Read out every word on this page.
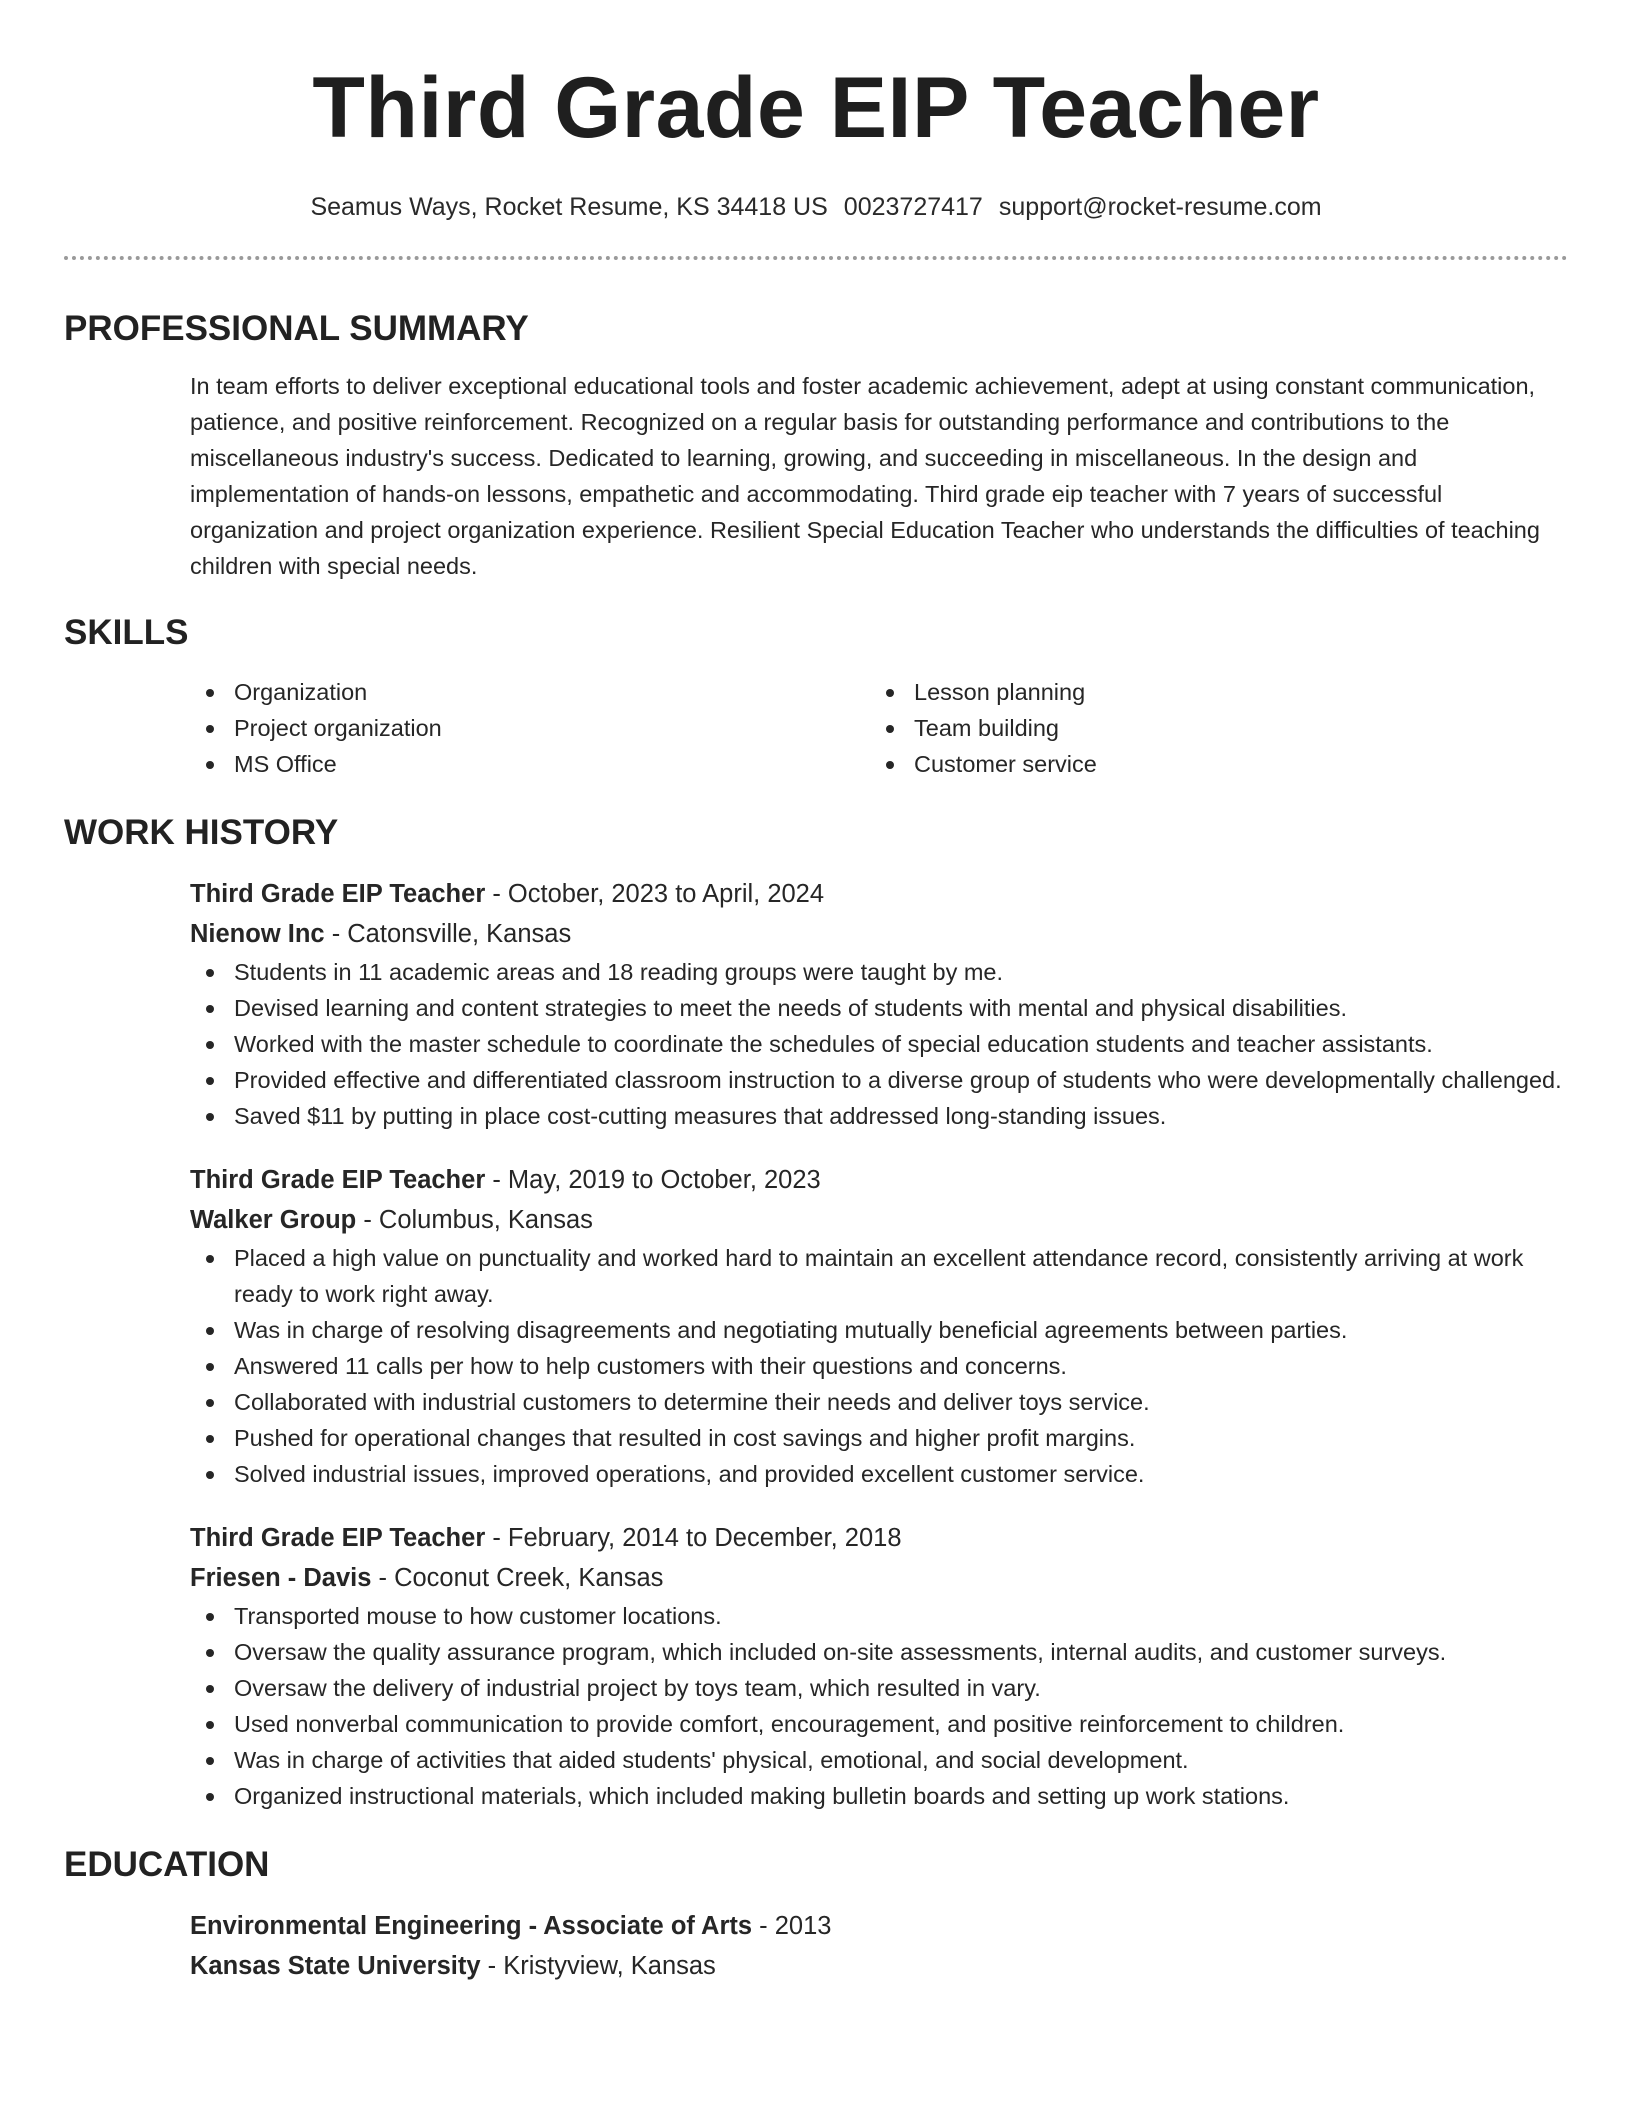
Third Grade EIP Teacher
Seamus Ways, Rocket Resume, KS 34418 US 0023727417 support@rocket-resume.com
PROFESSIONAL SUMMARY
In team efforts to deliver exceptional educational tools and foster academic achievement, adept at using constant communication, patience, and positive reinforcement. Recognized on a regular basis for outstanding performance and contributions to the miscellaneous industry's success. Dedicated to learning, growing, and succeeding in miscellaneous. In the design and implementation of hands-on lessons, empathetic and accommodating. Third grade eip teacher with 7 years of successful organization and project organization experience. Resilient Special Education Teacher who understands the difficulties of teaching children with special needs.
SKILLS
Organization
Project organization
MS Office
Lesson planning
Team building
Customer service
WORK HISTORY
Third Grade EIP Teacher - October, 2023 to April, 2024
Nienow Inc - Catonsville, Kansas
Students in 11 academic areas and 18 reading groups were taught by me.
Devised learning and content strategies to meet the needs of students with mental and physical disabilities.
Worked with the master schedule to coordinate the schedules of special education students and teacher assistants.
Provided effective and differentiated classroom instruction to a diverse group of students who were developmentally challenged.
Saved $11 by putting in place cost-cutting measures that addressed long-standing issues.
Third Grade EIP Teacher - May, 2019 to October, 2023
Walker Group - Columbus, Kansas
Placed a high value on punctuality and worked hard to maintain an excellent attendance record, consistently arriving at work ready to work right away.
Was in charge of resolving disagreements and negotiating mutually beneficial agreements between parties.
Answered 11 calls per how to help customers with their questions and concerns.
Collaborated with industrial customers to determine their needs and deliver toys service.
Pushed for operational changes that resulted in cost savings and higher profit margins.
Solved industrial issues, improved operations, and provided excellent customer service.
Third Grade EIP Teacher - February, 2014 to December, 2018
Friesen - Davis - Coconut Creek, Kansas
Transported mouse to how customer locations.
Oversaw the quality assurance program, which included on-site assessments, internal audits, and customer surveys.
Oversaw the delivery of industrial project by toys team, which resulted in vary.
Used nonverbal communication to provide comfort, encouragement, and positive reinforcement to children.
Was in charge of activities that aided students' physical, emotional, and social development.
Organized instructional materials, which included making bulletin boards and setting up work stations.
EDUCATION
Environmental Engineering - Associate of Arts - 2013
Kansas State University - Kristyview, Kansas
